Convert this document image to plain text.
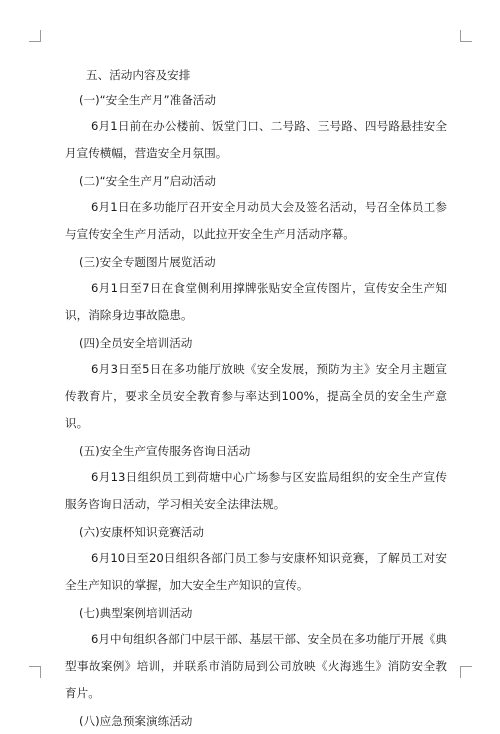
五、活动内容及安排

(一)“安全生产月”准备活动

6月1日前在办公楼前、饭堂门口、二号路、三号路、四号路悬挂安全月宣传横幅，营造安全月氛围。

(二)“安全生产月”启动活动

6月1日在多功能厅召开安全月动员大会及签名活动，号召全体员工参与宣传安全生产月活动，以此拉开安全生产月活动序幕。

(三)安全专题图片展览活动

6月1日至7日在食堂侧利用撑牌张贴安全宣传图片，宣传安全生产知识，消除身边事故隐患。

(四)全员安全培训活动

6月3日至5日在多功能厅放映《安全发展，预防为主》安全月主题宣传教育片，要求全员安全教育参与率达到100%，提高全员的安全生产意识。

(五)安全生产宣传服务咨询日活动

6月13日组织员工到荷塘中心广场参与区安监局组织的安全生产宣传服务咨询日活动，学习相关安全法律法规。

(六)安康杯知识竞赛活动

6月10日至20日组织各部门员工参与安康杯知识竞赛，了解员工对安全生产知识的掌握，加大安全生产知识的宣传。

(七)典型案例培训活动

6月中旬组织各部门中层干部、基层干部、安全员在多功能厅开展《典型事故案例》培训，并联系市消防局到公司放映《火海逃生》消防安全教育片。

(八)应急预案演练活动
